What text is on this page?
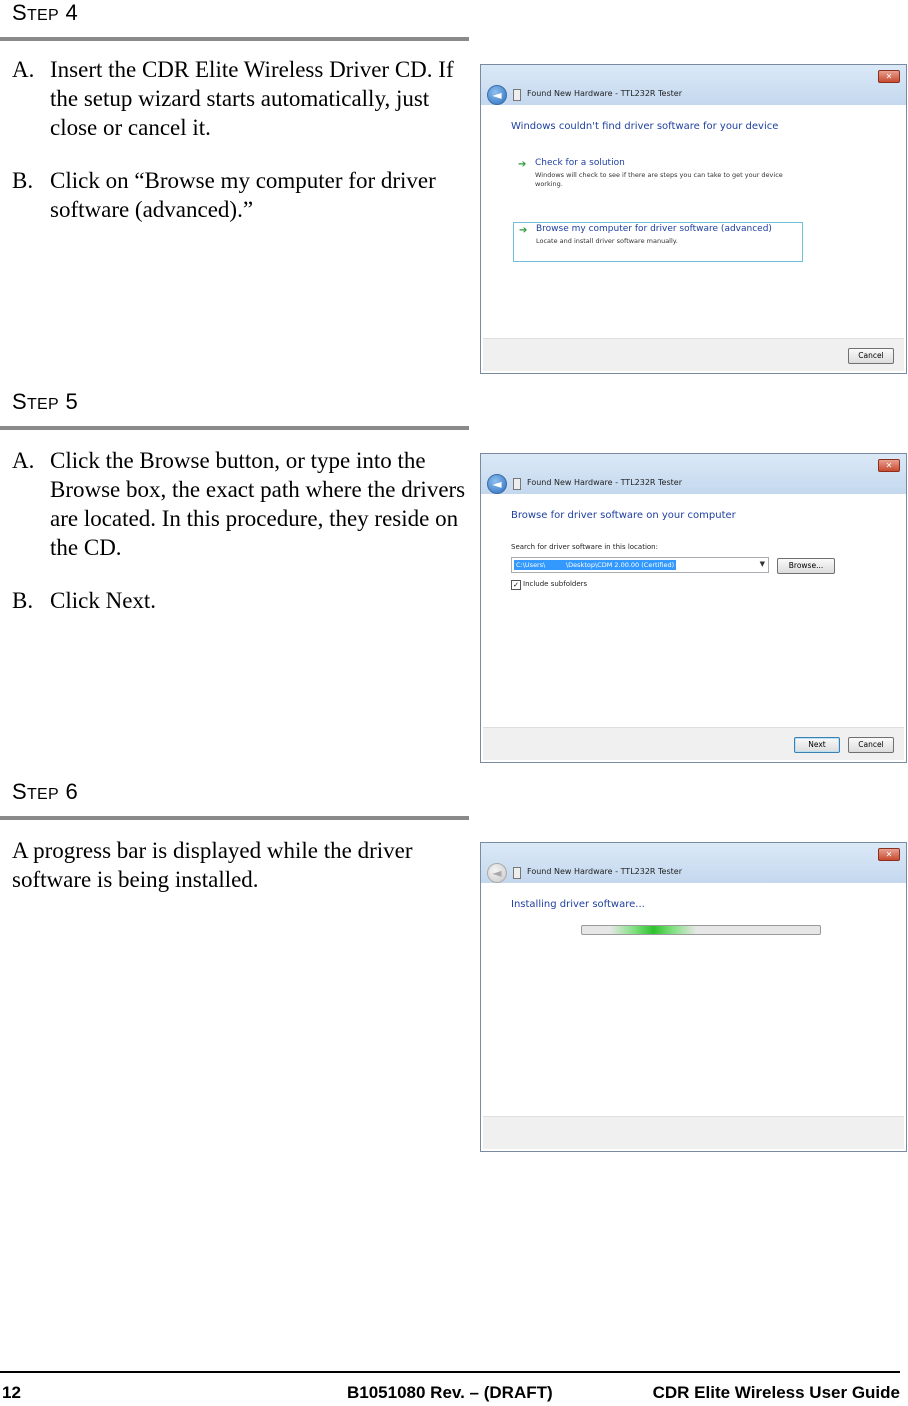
STEP 4
A. Insert the CDR Elite Wireless Driver CD. If the setup wizard starts automatically, just close or cancel it.
B. Click on “Browse my computer for driver software (advanced).”
✕
◄	Found New Hardware - TTL232R Tester
Windows couldn't find driver software for your device
➔ Check for a solution
Windows will check to see if there are steps you can take to get your device working.
➔ Browse my computer for driver software (advanced)
Locate and install driver software manually.
Cancel
STEP 5
A. Click the Browse button, or type into the Browse box, the exact path where the drivers are located. In this procedure, they reside on the CD.
B. Click Next.
✕
◄	Found New Hardware - TTL232R Tester
Browse for driver software on your computer
Search for driver software in this location:
C:\Users\          \Desktop\CDM 2.00.00 (Certified)	▼	Browse...
✓ Include subfolders
Next	Cancel
STEP 6
A progress bar is displayed while the driver software is being installed.
✕
◄	Found New Hardware - TTL232R Tester
Installing driver software...
12	B1051080 Rev. – (DRAFT)	CDR Elite Wireless User Guide
